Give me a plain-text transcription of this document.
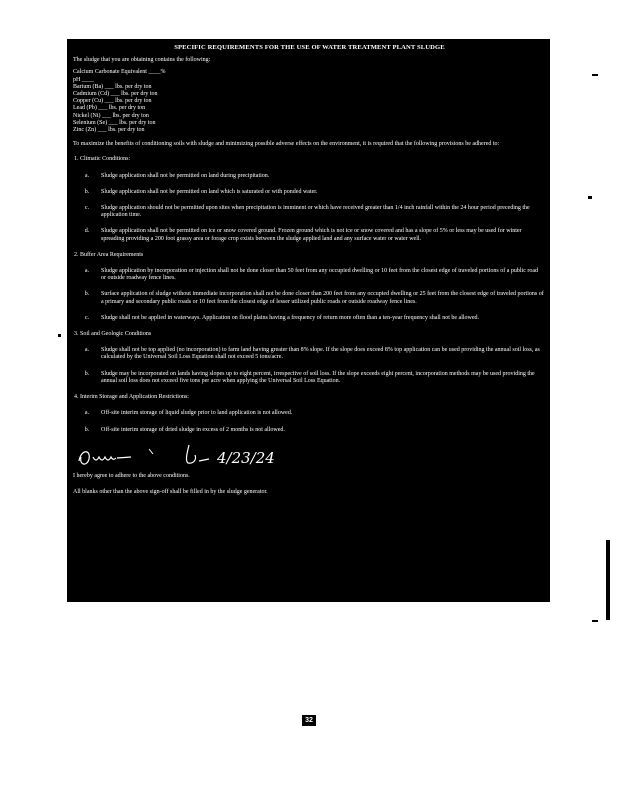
SPECIFIC REQUIREMENTS FOR THE USE OF WATER TREATMENT PLANT SLUDGE
The sludge that you are obtaining contains the following:
Calcium Carbonate Equivalent ____%
pH ____
Barium (Ba) ___ lbs. per dry ton
Cadmium (Cd) ___ lbs. per dry ton
Copper (Cu) ___ lbs. per dry ton
Lead (Pb) ___ lbs. per dry ton
Nickel (Ni) ___ lbs. per dry ton
Selenium (Se) ___ lbs. per dry ton
Zinc (Zn) ___ lbs. per dry ton
To maximize the benefits of conditioning soils with sludge and minimizing possible adverse effects on the environment, it is required that the following provisions be adhered to:
1. Climatic Conditions:
a.	Sludge application shall not be permitted on land during precipitation.
b.	Sludge application shall not be permitted on land which is saturated or with ponded water.
c.	Sludge application should not be permitted upon sites when precipitation is imminent or which have received greater than 1/4 inch rainfall within the 24 hour period preceding the application time.
d.	Sludge application shall not be permitted on ice or snow covered ground. Frozen ground which is not ice or snow covered and has a slope of 5% or less may be used for winter spreading providing a 200 foot grassy area or forage crop exists between the sludge applied land and any surface water or water well.
2. Buffer Area Requirements
a.	Sludge application by incorporation or injection shall not be done closer than 50 feet from any occupied dwelling or 10 feet from the closest edge of traveled portions of a public road or outside roadway fence lines.
b.	Surface application of sludge without immediate incorporation shall not be done closer than 200 feet from any occupied dwelling or 25 feet from the closest edge of traveled portions of a primary and secondary public roads or 10 feet from the closest edge of lesser utilized public roads or outside roadway fence lines.
c.	Sludge shall not be applied in waterways. Application on flood plains having a frequency of return more often than a ten-year frequency shall not be allowed.
3. Soil and Geologic Conditions
a.	Sludge shall not be top applied (no incorporation) to farm land having greater than 8% slope. If the slope does exceed 8% top application can be used providing the annual soil loss, as calculated by the Universal Soil Loss Equation shall not exceed 5 tons/acre.
b.	Sludge may be incorporated on lands having slopes up to eight percent, irrespective of soil loss. If the slope exceeds eight percent, incorporation methods may be used providing the annual soil loss does not exceed five tons per acre when applying the Universal Soil Loss Equation.
4. Interim Storage and Application Restrictions:
a.	Off-site interim storage of liquid sludge prior to land application is not allowed.
b.	Off-site interim storage of dried sludge in excess of 2 months is not allowed.
4/23/24
I hereby agree to adhere to the above conditions.
All blanks other than the above sign-off shall be filled in by the sludge generator.
32
